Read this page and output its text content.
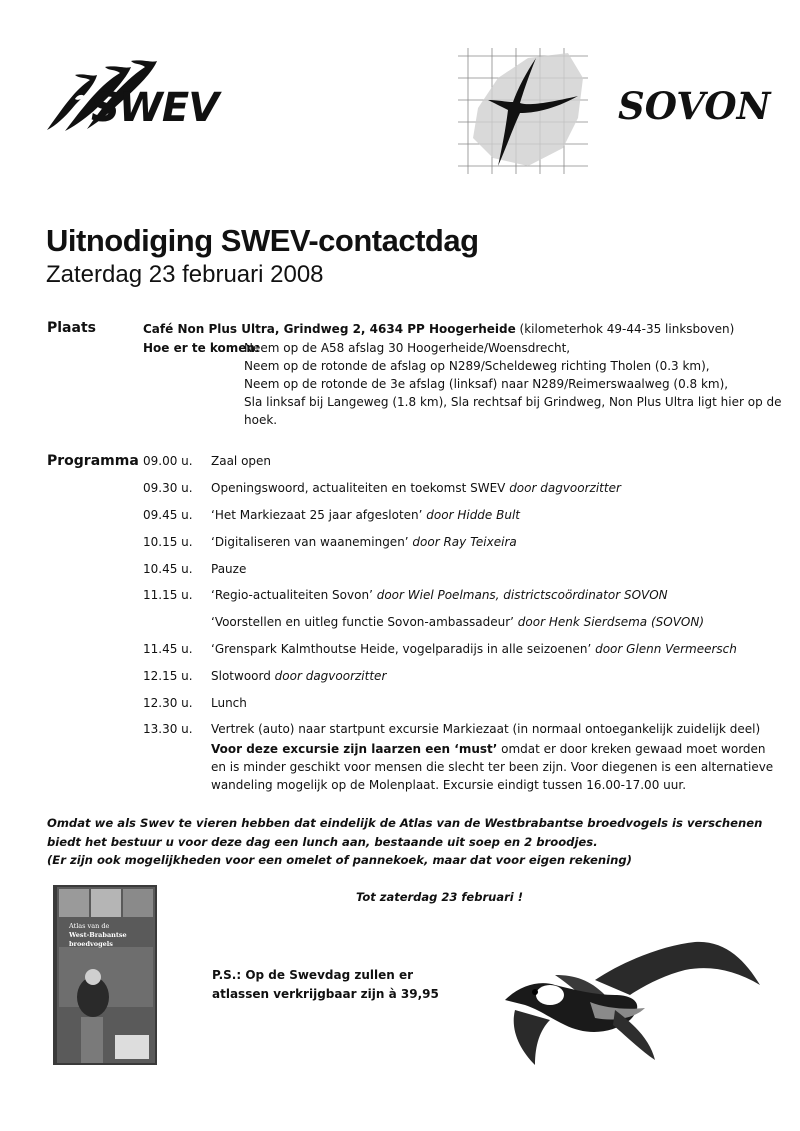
SWEV	SOVON
Uitnodiging SWEV-contactdag
Zaterdag 23 februari 2008
Plaats	Café Non Plus Ultra, Grindweg 2, 4634 PP Hoogerheide (kilometerhok 49-44-35 linksboven)
Hoe er te komen:
Neem op de A58 afslag 30 Hoogerheide/Woensdrecht,
Neem op de rotonde de afslag op N289/Scheldeweg richting Tholen (0.3 km),
Neem op de rotonde de 3e afslag (linksaf) naar N289/Reimerswaalweg (0.8 km),
Sla linksaf bij Langeweg (1.8 km), Sla rechtsaf bij Grindweg, Non Plus Ultra ligt hier op de
hoek.
Programma 09.00 u.	Zaal open
09.30 u.	Openingswoord, actualiteiten en toekomst SWEV door dagvoorzitter
09.45 u.	‘Het Markiezaat 25 jaar afgesloten’ door Hidde Bult
10.15 u.	‘Digitaliseren van waanemingen’ door Ray Teixeira
10.45 u.	Pauze
11.15 u.	‘Regio-actualiteiten Sovon’ door Wiel Poelmans, districtscoördinator SOVON
‘Voorstellen en uitleg functie Sovon-ambassadeur’ door Henk Sierdsema (SOVON)
11.45 u.	‘Grenspark Kalmthoutse Heide, vogelparadijs in alle seizoenen’ door Glenn Vermeersch
12.15 u.	Slotwoord door dagvoorzitter
12.30 u.	Lunch
13.30 u.	Vertrek (auto) naar startpunt excursie Markiezaat (in normaal ontoegankelijk zuidelijk deel)
Voor deze excursie zijn laarzen een ‘must’ omdat er door kreken gewaad moet worden
en is minder geschikt voor mensen die slecht ter been zijn. Voor diegenen is een alternatieve
wandeling mogelijk op de Molenplaat. Excursie eindigt tussen 16.00-17.00 uur.
Omdat we als Swev te vieren hebben dat eindelijk de Atlas van de Westbrabantse broedvogels is verschenen
biedt het bestuur u voor deze dag een lunch aan, bestaande uit soep en 2 broodjes.
(Er zijn ook mogelijkheden voor een omelet of pannekoek, maar dat voor eigen rekening)
Tot zaterdag 23 februari !
Atlas van de
West-Brabantse broedvogels
P.S.: Op de Swevdag zullen er
atlassen verkrijgbaar zijn à 39,95
